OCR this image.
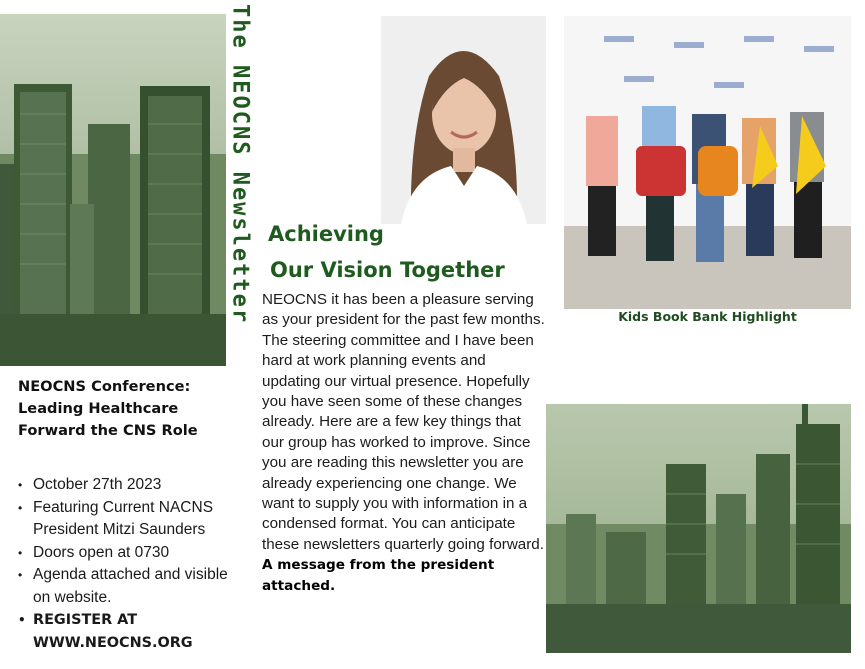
The NEOCNS Newsletter	Kids Book Bank Highlight
Achieving
Our Vision Together
NEOCNS it has been a pleasure serving as your president for the past few months. The steering committee and I have been hard at work planning events and updating our virtual presence. Hopefully you have seen some of these changes already. Here are a few key things that our group has worked to improve. Since you are reading this newsletter you are already experiencing one change. We want to supply you with information in a condensed format. You can anticipate these newsletters quarterly going forward. A message from the president attached.
NEOCNS Conference: Leading Healthcare Forward the CNS Role
• October 27th 2023
• Featuring Current NACNS President Mitzi Saunders
• Doors open at 0730
• Agenda attached and visible on website.
• REGISTER AT WWW.NEOCNS.ORG
